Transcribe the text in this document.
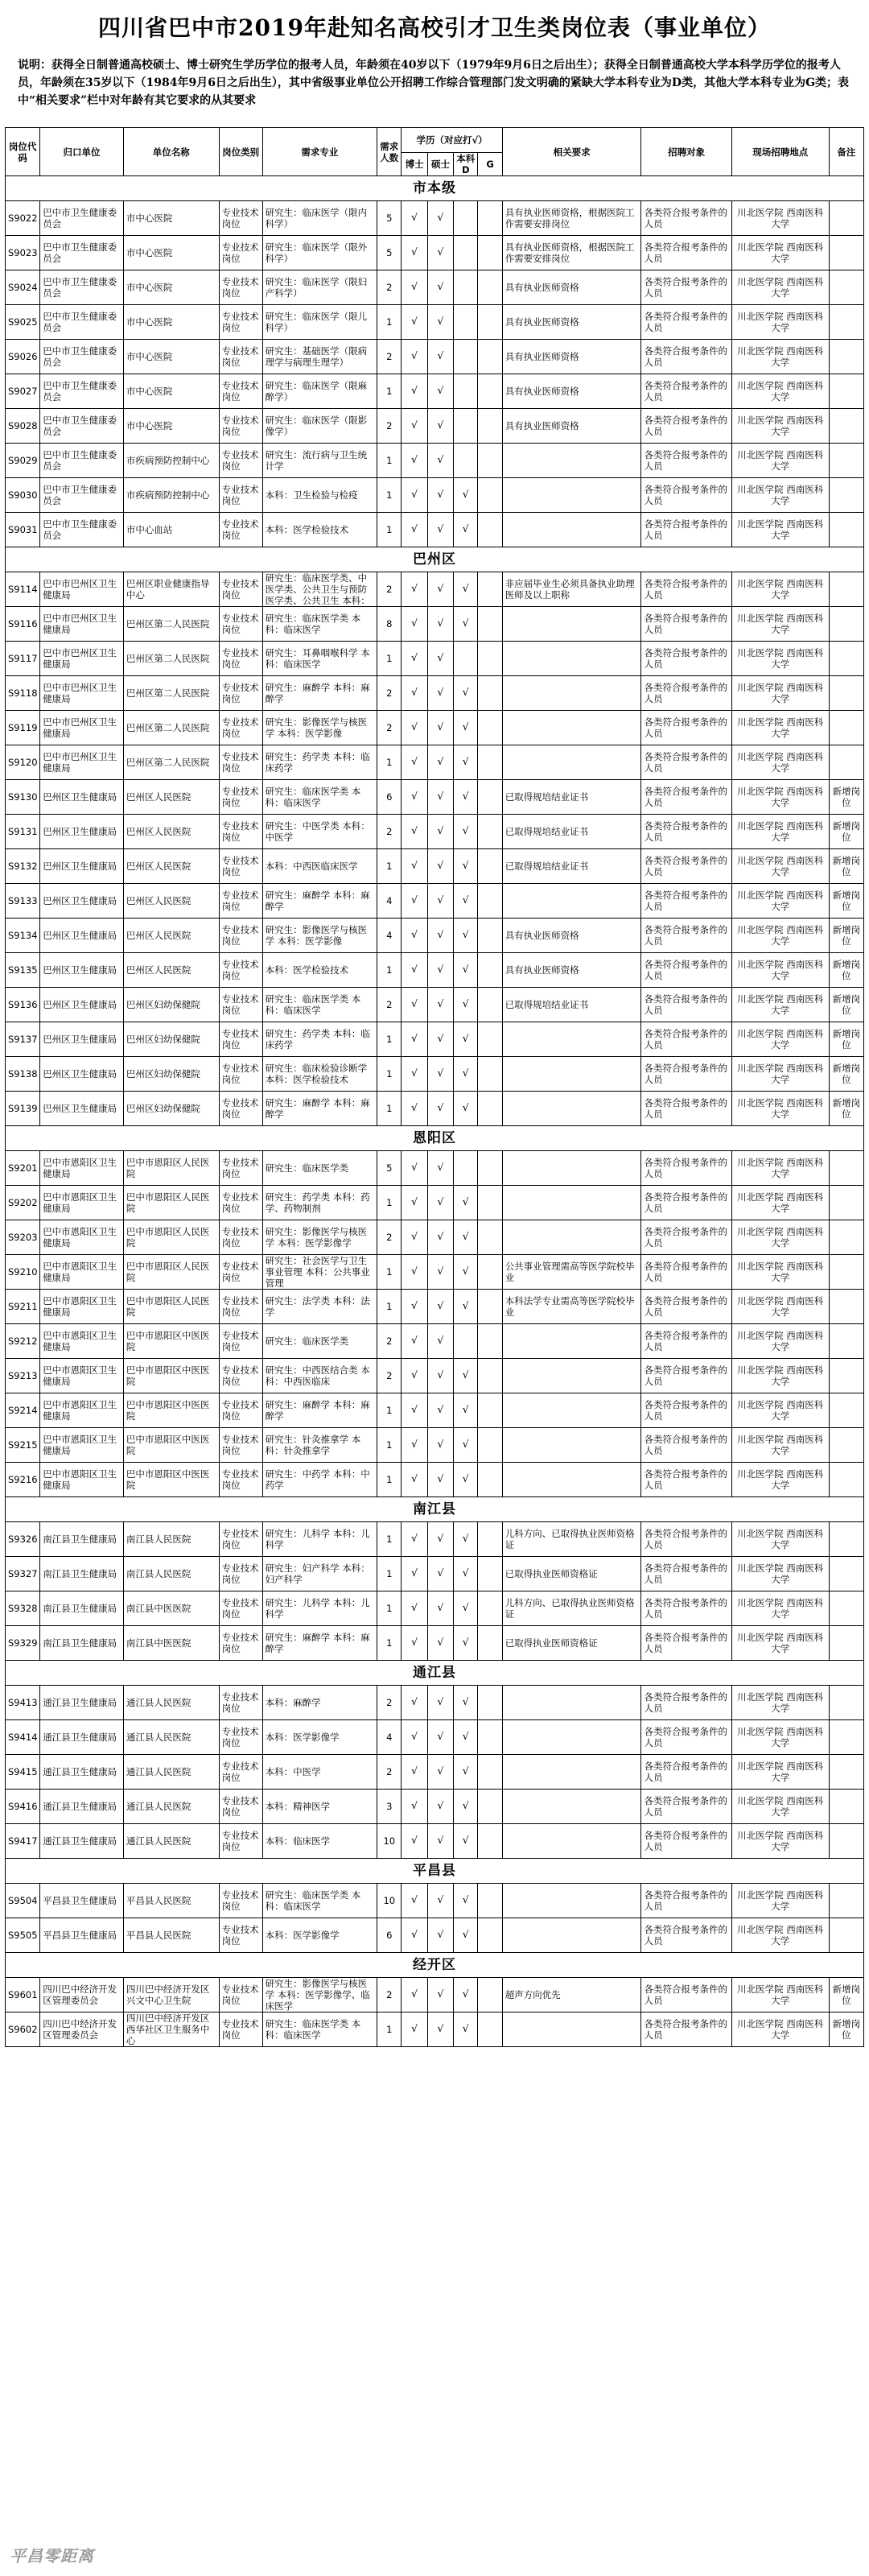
四川省巴中市2019年赴知名高校引才卫生类岗位表（事业单位）
说明：获得全日制普通高校硕士、博士研究生学历学位的报考人员，年龄须在40岁以下（1979年9月6日之后出生）；获得全日制普通高校大学本科学历学位的报考人员，年龄须在35岁以下（1984年9月6日之后出生），其中省级事业单位公开招聘工作综合管理部门发文明确的紧缺大学本科专业为D类，其他大学本科专业为G类；表中“相关要求”栏中对年龄有其它要求的从其要求
岗位代码	归口单位	单位名称	岗位类别	需求专业	需求人数	学历（对应打√）				相关要求	招聘对象	现场招聘地点	备注
						博士	硕士	本科 D	G				
市本级													

S9022	巴中市卫生健康委员会	市中心医院	专业技术岗位	研究生：临床医学（限内科学）	5	√	√			具有执业医师资格，根据医院工作需要安排岗位	各类符合报考条件的人员	川北医学院 西南医科大学	

S9023	巴中市卫生健康委员会	市中心医院	专业技术岗位	研究生：临床医学（限外科学）	5	√	√			具有执业医师资格，根据医院工作需要安排岗位	各类符合报考条件的人员	川北医学院 西南医科大学	

S9024	巴中市卫生健康委员会	市中心医院	专业技术岗位	研究生：临床医学（限妇产科学）	2	√	√			具有执业医师资格	各类符合报考条件的人员	川北医学院 西南医科大学	

S9025	巴中市卫生健康委员会	市中心医院	专业技术岗位	研究生：临床医学（限儿科学）	1	√	√			具有执业医师资格	各类符合报考条件的人员	川北医学院 西南医科大学	

S9026	巴中市卫生健康委员会	市中心医院	专业技术岗位	研究生：基础医学（限病理学与病理生理学）	2	√	√			具有执业医师资格	各类符合报考条件的人员	川北医学院 西南医科大学	

S9027	巴中市卫生健康委员会	市中心医院	专业技术岗位	研究生：临床医学（限麻醉学）	1	√	√			具有执业医师资格	各类符合报考条件的人员	川北医学院 西南医科大学	

S9028	巴中市卫生健康委员会	市中心医院	专业技术岗位	研究生：临床医学（限影像学）	2	√	√			具有执业医师资格	各类符合报考条件的人员	川北医学院 西南医科大学	

S9029	巴中市卫生健康委员会	市疾病预防控制中心	专业技术岗位	研究生：流行病与卫生统计学	1	√	√				各类符合报考条件的人员	川北医学院 西南医科大学	

S9030	巴中市卫生健康委员会	市疾病预防控制中心	专业技术岗位	本科：卫生检验与检疫	1	√	√	√			各类符合报考条件的人员	川北医学院 西南医科大学	

S9031	巴中市卫生健康委员会	市中心血站	专业技术岗位	本科：医学检验技术	1	√	√	√			各类符合报考条件的人员	川北医学院 西南医科大学	

巴州区													

S9114	巴中市巴州区卫生健康局	巴州区职业健康指导中心	专业技术岗位	研究生：临床医学类、中医学类、公共卫生与预防医学类、公共卫生 本科：	2	√	√	√		非应届毕业生必须具备执业助理医师及以上职称	各类符合报考条件的人员	川北医学院 西南医科大学	

S9116	巴中市巴州区卫生健康局	巴州区第二人民医院	专业技术岗位	研究生：临床医学类 本科：临床医学	8	√	√	√			各类符合报考条件的人员	川北医学院 西南医科大学	

S9117	巴中市巴州区卫生健康局	巴州区第二人民医院	专业技术岗位	研究生：耳鼻咽喉科学 本科：临床医学	1	√	√				各类符合报考条件的人员	川北医学院 西南医科大学	

S9118	巴中市巴州区卫生健康局	巴州区第二人民医院	专业技术岗位	研究生：麻醉学 本科：麻醉学	2	√	√	√			各类符合报考条件的人员	川北医学院 西南医科大学	

S9119	巴中市巴州区卫生健康局	巴州区第二人民医院	专业技术岗位	研究生：影像医学与核医学 本科：医学影像	2	√	√	√			各类符合报考条件的人员	川北医学院 西南医科大学	

S9120	巴中市巴州区卫生健康局	巴州区第二人民医院	专业技术岗位	研究生：药学类 本科：临床药学	1	√	√	√			各类符合报考条件的人员	川北医学院 西南医科大学	

S9130	巴州区卫生健康局	巴州区人民医院	专业技术岗位	研究生：临床医学类 本科：临床医学	6	√	√	√		已取得规培结业证书	各类符合报考条件的人员	川北医学院 西南医科大学	新增岗位

S9131	巴州区卫生健康局	巴州区人民医院	专业技术岗位	研究生：中医学类 本科：中医学	2	√	√	√		已取得规培结业证书	各类符合报考条件的人员	川北医学院 西南医科大学	新增岗位

S9132	巴州区卫生健康局	巴州区人民医院	专业技术岗位	本科：中西医临床医学	1	√	√	√		已取得规培结业证书	各类符合报考条件的人员	川北医学院 西南医科大学	新增岗位

S9133	巴州区卫生健康局	巴州区人民医院	专业技术岗位	研究生：麻醉学 本科：麻醉学	4	√	√	√			各类符合报考条件的人员	川北医学院 西南医科大学	新增岗位

S9134	巴州区卫生健康局	巴州区人民医院	专业技术岗位	研究生：影像医学与核医学 本科：医学影像	4	√	√	√		具有执业医师资格	各类符合报考条件的人员	川北医学院 西南医科大学	新增岗位

S9135	巴州区卫生健康局	巴州区人民医院	专业技术岗位	本科：医学检验技术	1	√	√	√		具有执业医师资格	各类符合报考条件的人员	川北医学院 西南医科大学	新增岗位

S9136	巴州区卫生健康局	巴州区妇幼保健院	专业技术岗位	研究生：临床医学类 本科：临床医学	2	√	√	√		已取得规培结业证书	各类符合报考条件的人员	川北医学院 西南医科大学	新增岗位

S9137	巴州区卫生健康局	巴州区妇幼保健院	专业技术岗位	研究生：药学类 本科：临床药学	1	√	√	√			各类符合报考条件的人员	川北医学院 西南医科大学	新增岗位

S9138	巴州区卫生健康局	巴州区妇幼保健院	专业技术岗位	研究生：临床检验诊断学 本科：医学检验技术	1	√	√	√			各类符合报考条件的人员	川北医学院 西南医科大学	新增岗位

S9139	巴州区卫生健康局	巴州区妇幼保健院	专业技术岗位	研究生：麻醉学 本科：麻醉学	1	√	√	√			各类符合报考条件的人员	川北医学院 西南医科大学	新增岗位

恩阳区													

S9201	巴中市恩阳区卫生健康局	巴中市恩阳区人民医院	专业技术岗位	研究生：临床医学类	5	√	√				各类符合报考条件的人员	川北医学院 西南医科大学	

S9202	巴中市恩阳区卫生健康局	巴中市恩阳区人民医院	专业技术岗位	研究生：药学类 本科：药学、药物制剂	1	√	√	√			各类符合报考条件的人员	川北医学院 西南医科大学	

S9203	巴中市恩阳区卫生健康局	巴中市恩阳区人民医院	专业技术岗位	研究生：影像医学与核医学 本科：医学影像学	2	√	√	√			各类符合报考条件的人员	川北医学院 西南医科大学	

S9210	巴中市恩阳区卫生健康局	巴中市恩阳区人民医院	专业技术岗位	研究生：社会医学与卫生事业管理 本科：公共事业管理	1	√	√	√		公共事业管理需高等医学院校毕业	各类符合报考条件的人员	川北医学院 西南医科大学	

S9211	巴中市恩阳区卫生健康局	巴中市恩阳区人民医院	专业技术岗位	研究生：法学类 本科：法学	1	√	√	√		本科法学专业需高等医学院校毕业	各类符合报考条件的人员	川北医学院 西南医科大学	

S9212	巴中市恩阳区卫生健康局	巴中市恩阳区中医医院	专业技术岗位	研究生：临床医学类	2	√	√				各类符合报考条件的人员	川北医学院 西南医科大学	

S9213	巴中市恩阳区卫生健康局	巴中市恩阳区中医医院	专业技术岗位	研究生：中西医结合类 本科：中西医临床	2	√	√	√			各类符合报考条件的人员	川北医学院 西南医科大学	

S9214	巴中市恩阳区卫生健康局	巴中市恩阳区中医医院	专业技术岗位	研究生：麻醉学 本科：麻醉学	1	√	√	√			各类符合报考条件的人员	川北医学院 西南医科大学	

S9215	巴中市恩阳区卫生健康局	巴中市恩阳区中医医院	专业技术岗位	研究生：针灸推拿学 本科：针灸推拿学	1	√	√	√			各类符合报考条件的人员	川北医学院 西南医科大学	

S9216	巴中市恩阳区卫生健康局	巴中市恩阳区中医医院	专业技术岗位	研究生：中药学 本科：中药学	1	√	√	√			各类符合报考条件的人员	川北医学院 西南医科大学	

南江县													

S9326	南江县卫生健康局	南江县人民医院	专业技术岗位	研究生：儿科学 本科：儿科学	1	√	√	√		儿科方向、已取得执业医师资格证	各类符合报考条件的人员	川北医学院 西南医科大学	

S9327	南江县卫生健康局	南江县人民医院	专业技术岗位	研究生：妇产科学 本科：妇产科学	1	√	√	√		已取得执业医师资格证	各类符合报考条件的人员	川北医学院 西南医科大学	

S9328	南江县卫生健康局	南江县中医医院	专业技术岗位	研究生：儿科学 本科：儿科学	1	√	√	√		儿科方向、已取得执业医师资格证	各类符合报考条件的人员	川北医学院 西南医科大学	

S9329	南江县卫生健康局	南江县中医医院	专业技术岗位	研究生：麻醉学 本科：麻醉学	1	√	√	√		已取得执业医师资格证	各类符合报考条件的人员	川北医学院 西南医科大学	

通江县													

S9413	通江县卫生健康局	通江县人民医院	专业技术岗位	本科：麻醉学	2	√	√	√			各类符合报考条件的人员	川北医学院 西南医科大学	

S9414	通江县卫生健康局	通江县人民医院	专业技术岗位	本科：医学影像学	4	√	√	√			各类符合报考条件的人员	川北医学院 西南医科大学	

S9415	通江县卫生健康局	通江县人民医院	专业技术岗位	本科：中医学	2	√	√	√			各类符合报考条件的人员	川北医学院 西南医科大学	

S9416	通江县卫生健康局	通江县人民医院	专业技术岗位	本科：精神医学	3	√	√	√			各类符合报考条件的人员	川北医学院 西南医科大学	

S9417	通江县卫生健康局	通江县人民医院	专业技术岗位	本科：临床医学	10	√	√	√			各类符合报考条件的人员	川北医学院 西南医科大学	

平昌县													

S9504	平昌县卫生健康局	平昌县人民医院	专业技术岗位	研究生：临床医学类 本科：临床医学	10	√	√	√			各类符合报考条件的人员	川北医学院 西南医科大学	

S9505	平昌县卫生健康局	平昌县人民医院	专业技术岗位	本科：医学影像学	6	√	√	√			各类符合报考条件的人员	川北医学院 西南医科大学	

经开区													

S9601	四川巴中经济开发区管理委员会	四川巴中经济开发区兴文中心卫生院	专业技术岗位	研究生：影像医学与核医学 本科：医学影像学、临床医学	2	√	√	√		超声方向优先	各类符合报考条件的人员	川北医学院 西南医科大学	新增岗位

S9602	四川巴中经济开发区管理委员会	四川巴中经济开发区西华社区卫生服务中心	专业技术岗位	研究生：临床医学类 本科：临床医学	1	√	√	√			各类符合报考条件的人员	川北医学院 西南医科大学	新增岗位
平昌零距离
